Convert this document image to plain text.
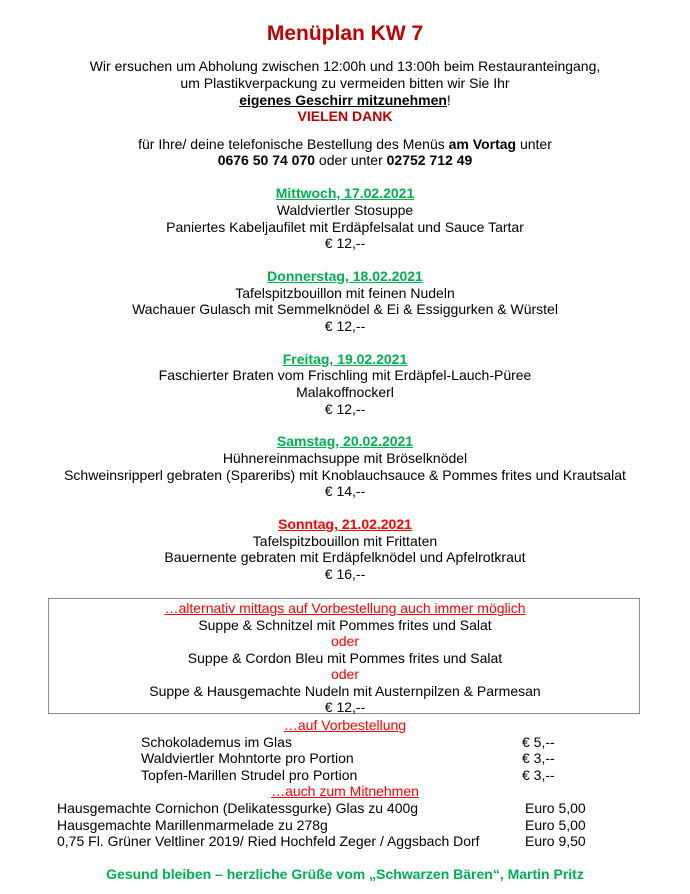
Menüplan KW 7
Wir ersuchen um Abholung zwischen 12:00h und 13:00h beim Restauranteingang,
um Plastikverpackung zu vermeiden bitten wir Sie Ihr
eigenes Geschirr mitzunehmen!
VIELEN DANK
für Ihre/ deine telefonische Bestellung des Menüs am Vortag unter
0676 50 74 070 oder unter 02752 712 49
Mittwoch, 17.02.2021
Waldviertler Stosuppe
Paniertes Kabeljaufilet mit Erdäpfelsalat und Sauce Tartar
€ 12,--
Donnerstag, 18.02.2021
Tafelspitzbouillon mit feinen Nudeln
Wachauer Gulasch mit Semmelknödel & Ei & Essiggurken & Würstel
€ 12,--
Freitag, 19.02.2021
Faschierter Braten vom Frischling mit Erdäpfel-Lauch-Püree
Malakoffnockerl
€ 12,--
Samstag, 20.02.2021
Hühnereinmachsuppe mit Bröselknödel
Schweinsripperl gebraten (Spareribs) mit Knoblauchsauce & Pommes frites und Krautsalat
€ 14,--
Sonntag, 21.02.2021
Tafelspitzbouillon mit Frittaten
Bauernente gebraten mit Erdäpfelknödel und Apfelrotkraut
€ 16,--
…alternativ mittags auf Vorbestellung auch immer möglich
Suppe & Schnitzel mit Pommes frites und Salat
oder
Suppe & Cordon Bleu mit Pommes frites und Salat
oder
Suppe & Hausgemachte Nudeln mit Austernpilzen & Parmesan
€ 12,--
…auf Vorbestellung
Schokolademus im Glas	€ 5,--
Waldviertler Mohntorte pro Portion	€ 3,--
Topfen-Marillen Strudel pro Portion	€ 3,--
…auch zum Mitnehmen
Hausgemachte Cornichon (Delikatessgurke) Glas zu 400g	Euro 5,00
Hausgemachte Marillenmarmelade zu 278g	Euro 5,00
0,75 Fl. Grüner Veltliner 2019/ Ried Hochfeld Zeger / Aggsbach Dorf	Euro 9,50
Gesund bleiben – herzliche Grüße vom „Schwarzen Bären“, Martin Pritz
